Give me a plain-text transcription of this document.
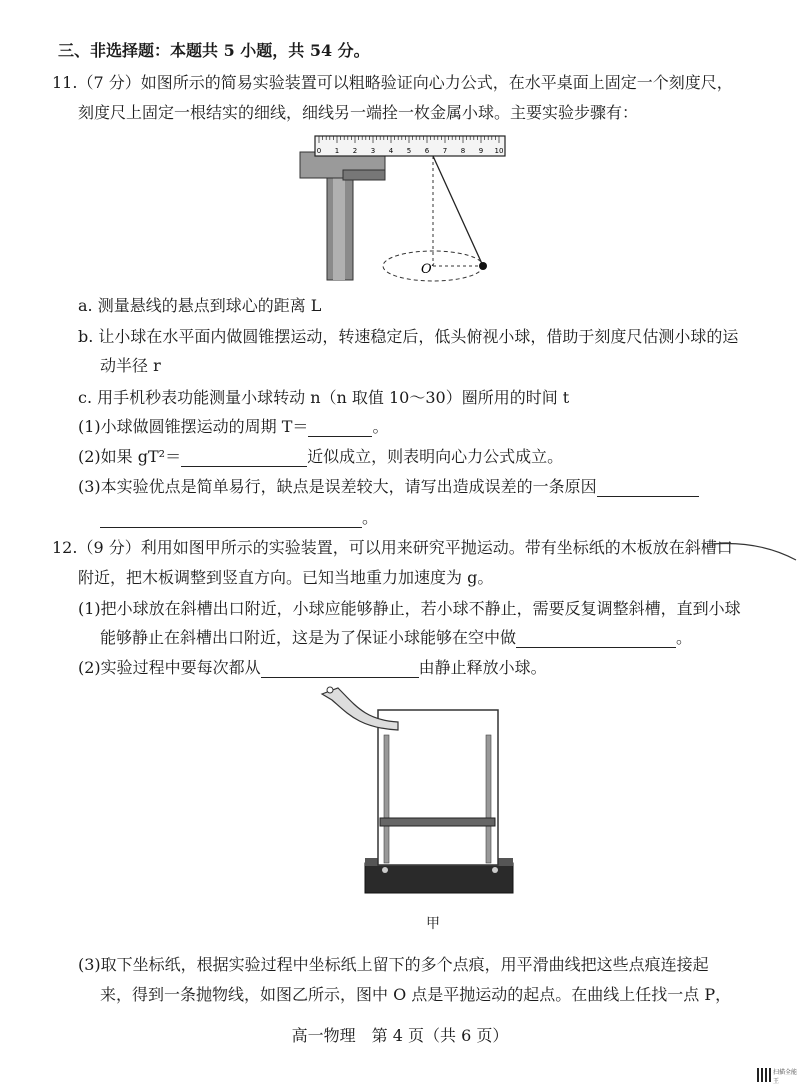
三、非选择题：本题共 5 小题，共 54 分。
11.（7 分）如图所示的简易实验装置可以粗略验证向心力公式，在水平桌面上固定一个刻度尺，
刻度尺上固定一根结实的细线，细线另一端拴一枚金属小球。主要实验步骤有：
0 1 2 3 4 5 6 7 8 9 10
O′
a. 测量悬线的悬点到球心的距离 L
b. 让小球在水平面内做圆锥摆运动，转速稳定后，低头俯视小球，借助于刻度尺估测小球的运
动半径 r
c. 用手机秒表功能测量小球转动 n（n 取值 10～30）圈所用的时间 t
(1)小球做圆锥摆运动的周期 T＝	。
(2)如果 gT²＝	近似成立，则表明向心力公式成立。
(3)本实验优点是简单易行，缺点是误差较大，请写出造成误差的一条原因
。
12.（9 分）利用如图甲所示的实验装置，可以用来研究平抛运动。带有坐标纸的木板放在斜槽口
附近，把木板调整到竖直方向。已知当地重力加速度为 g。
(1)把小球放在斜槽出口附近，小球应能够静止，若小球不静止，需要反复调整斜槽，直到小球
能够静止在斜槽出口附近，这是为了保证小球能够在空中做	。
(2)实验过程中要每次都从	由静止释放小球。
甲
(3)取下坐标纸，根据实验过程中坐标纸上留下的多个点痕，用平滑曲线把这些点痕连接起
来，得到一条抛物线，如图乙所示，图中 O 点是平抛运动的起点。在曲线上任找一点 P，
高一物理　第 4 页（共 6 页）
扫描全能王
